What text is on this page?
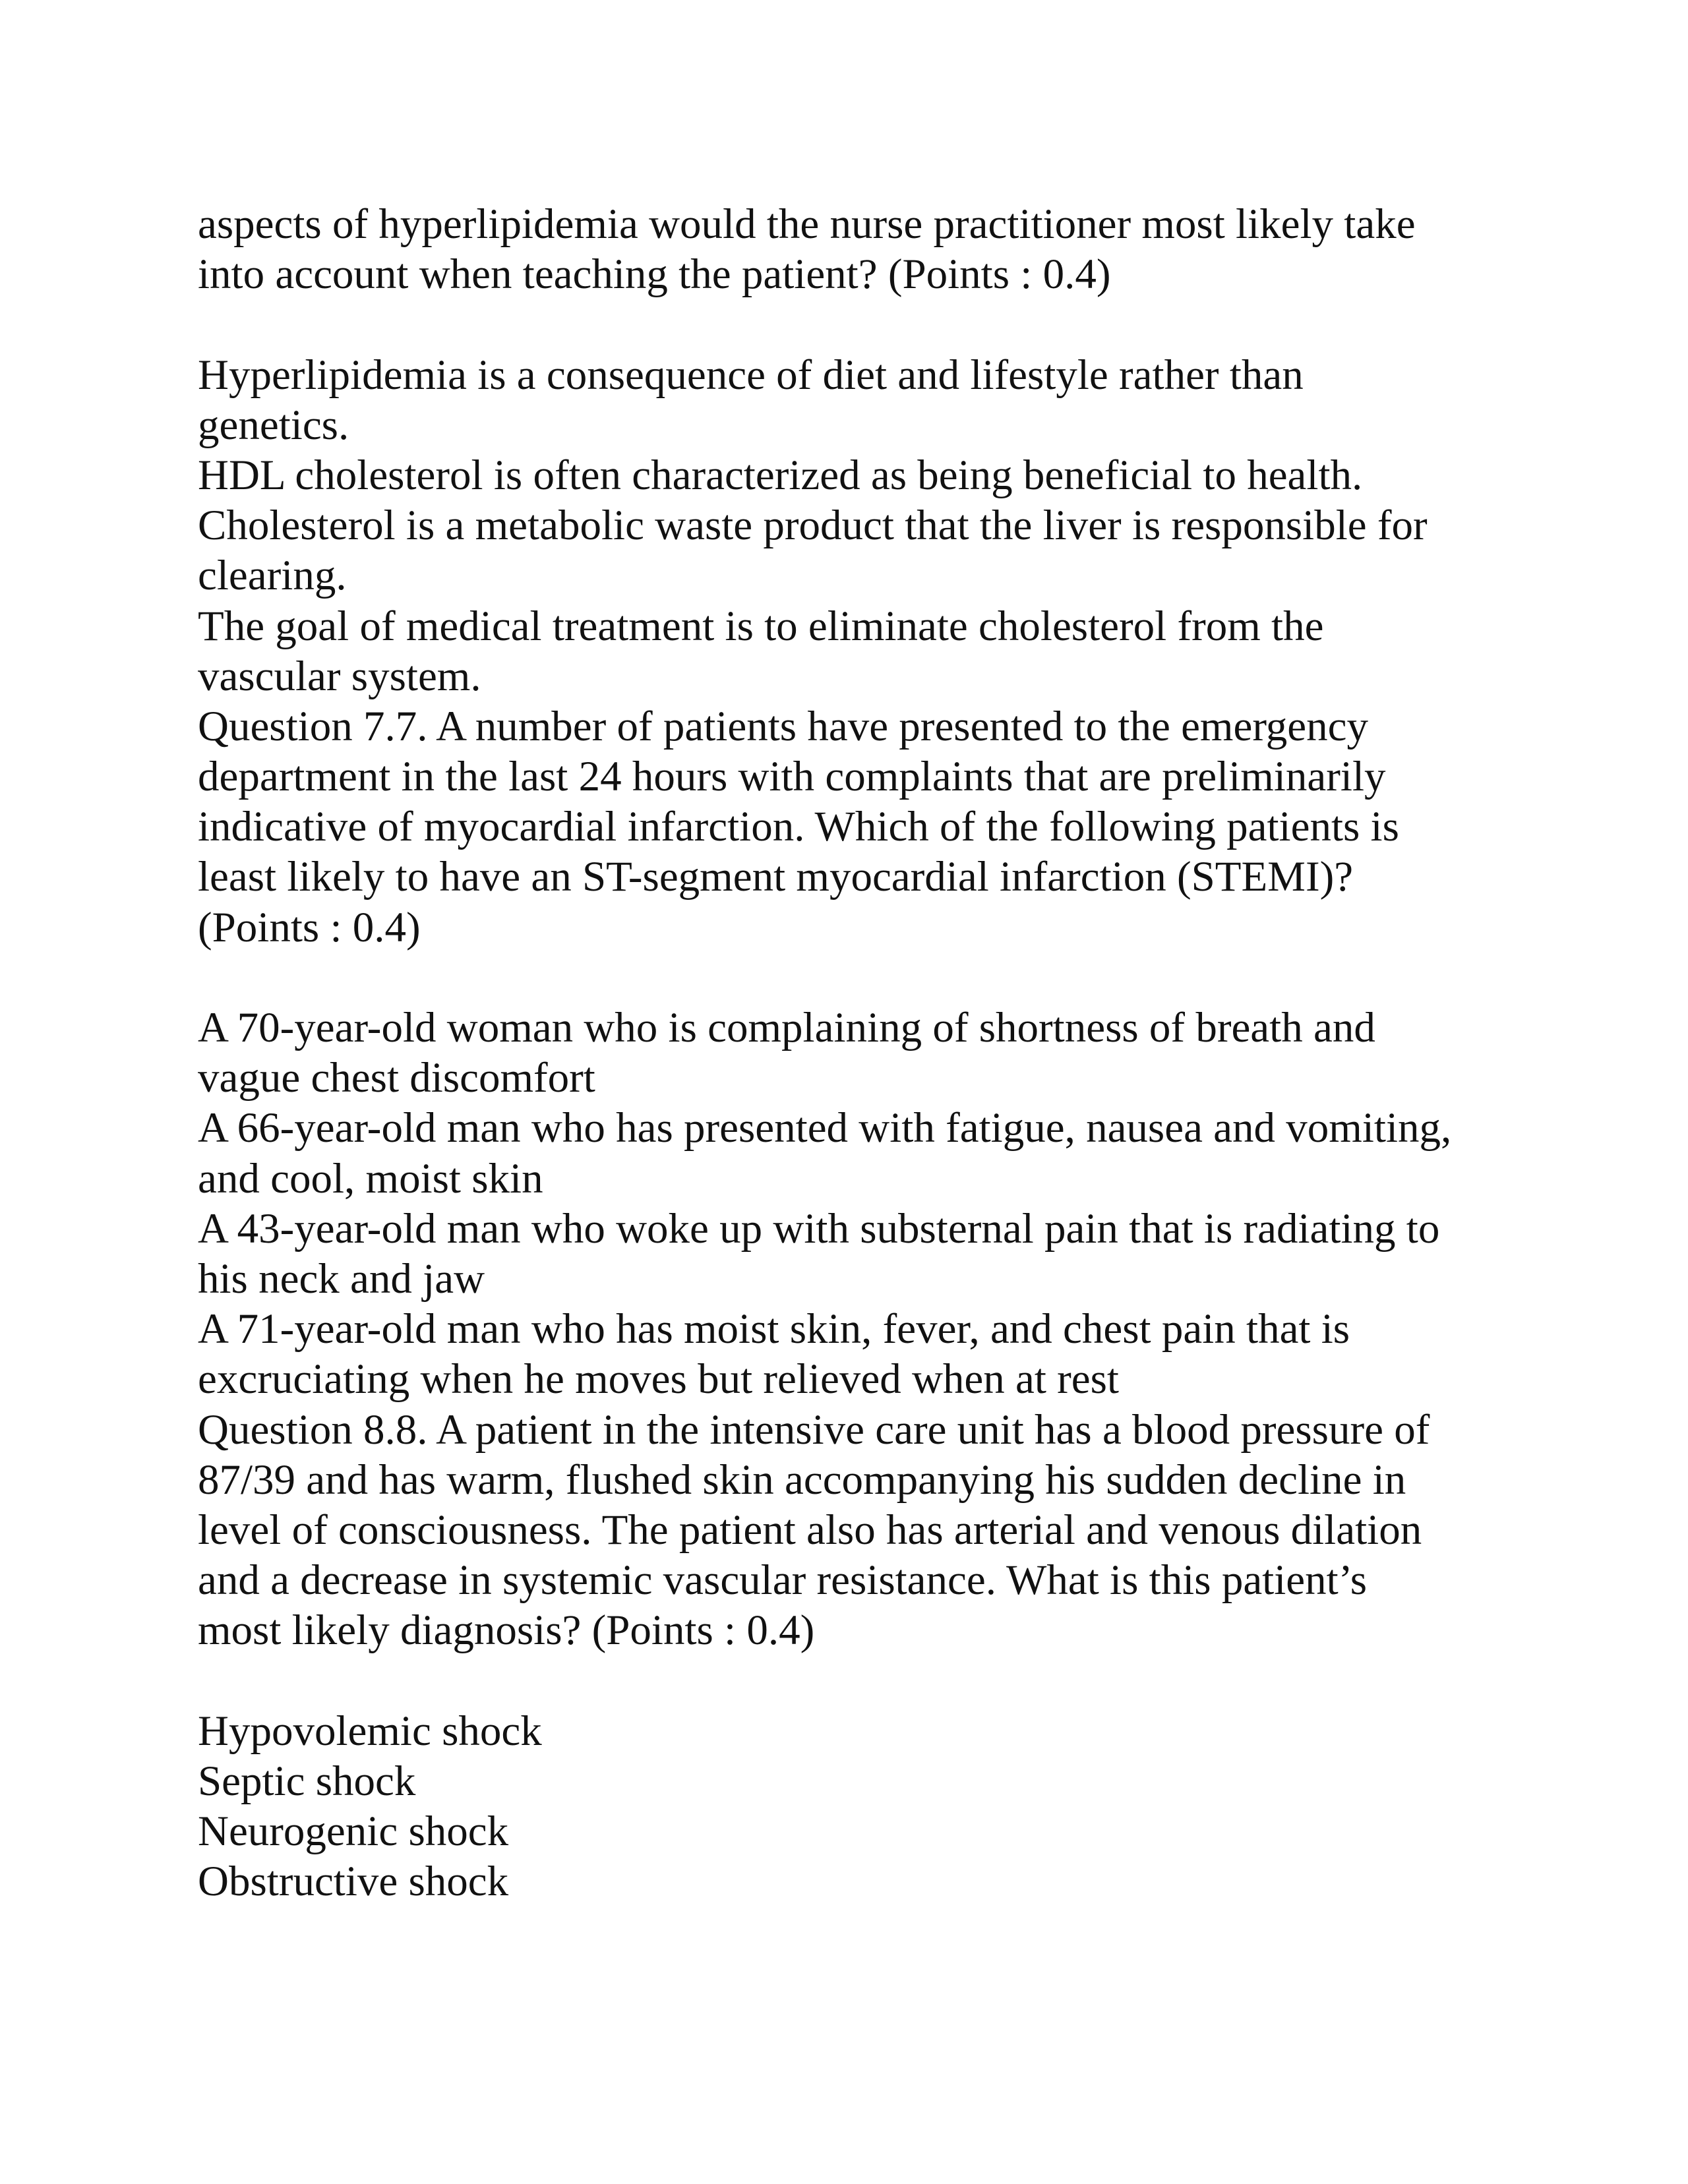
aspects of hyperlipidemia would the nurse practitioner most likely take
into account when teaching the patient? (Points : 0.4)
Hyperlipidemia is a consequence of diet and lifestyle rather than
genetics.
HDL cholesterol is often characterized as being beneficial to health.
Cholesterol is a metabolic waste product that the liver is responsible for
clearing.
The goal of medical treatment is to eliminate cholesterol from the
vascular system.
Question 7.7. A number of patients have presented to the emergency
department in the last 24 hours with complaints that are preliminarily
indicative of myocardial infarction. Which of the following patients is
least likely to have an ST-segment myocardial infarction (STEMI)?
(Points : 0.4)
A 70-year-old woman who is complaining of shortness of breath and
vague chest discomfort
A 66-year-old man who has presented with fatigue, nausea and vomiting,
and cool, moist skin
A 43-year-old man who woke up with substernal pain that is radiating to
his neck and jaw
A 71-year-old man who has moist skin, fever, and chest pain that is
excruciating when he moves but relieved when at rest
Question 8.8. A patient in the intensive care unit has a blood pressure of
87/39 and has warm, flushed skin accompanying his sudden decline in
level of consciousness. The patient also has arterial and venous dilation
and a decrease in systemic vascular resistance. What is this patient’s
most likely diagnosis? (Points : 0.4)
Hypovolemic shock
Septic shock
Neurogenic shock
Obstructive shock
